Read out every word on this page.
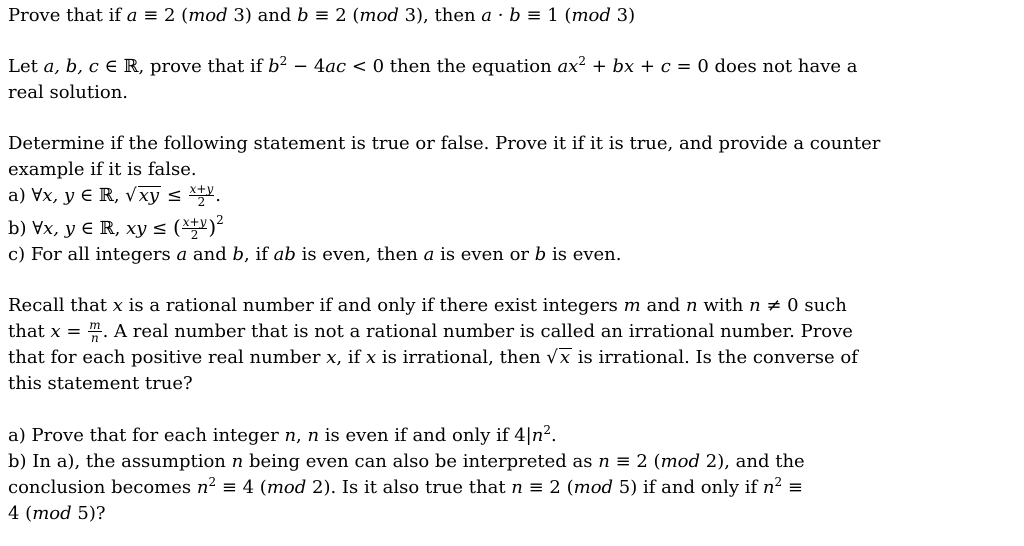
Prove that if a ≡ 2 (mod 3) and b ≡ 2 (mod 3), then a · b ≡ 1 (mod 3)
Let a, b, c ∈ ℝ, prove that if $b^2 - 4ac < 0$ then the equation $ax^2$ + bx + c = 0 does not have a
real solution.
Determine if the following statement is true or false. Prove it if it is true, and provide a counter
example if it is false.
a) ∀x, y ∈ ℝ, √ xy ≤ $\frac{x+y}{2}$ .
b) ∀x, y ∈ ℝ, xy ≤ ( $\frac{x+y}{2} )^2$
c) For all integers a and b, if ab is even, then a is even or b is even.
Recall that x is a rational number if and only if there exist integers m and n with n ≠ 0 such
that $x = \frac{m}{n}$ . A real number that is not a rational number is called an irrational number. Prove
that for each positive real number x, if x is irrational, then √ x is irrational. Is the converse of
this statement true?
a) Prove that for each integer n, n is even if and only if $4|n^2$.
b) In a), the assumption n being even can also be interpreted as n ≡ 2 (mod 2), and the
conclusion becomes $n^2 \equiv 4$ (mod 2). Is it also true that n ≡ 2 (mod 5) if and only if $n^2$ ≡
4 (mod 5)?
